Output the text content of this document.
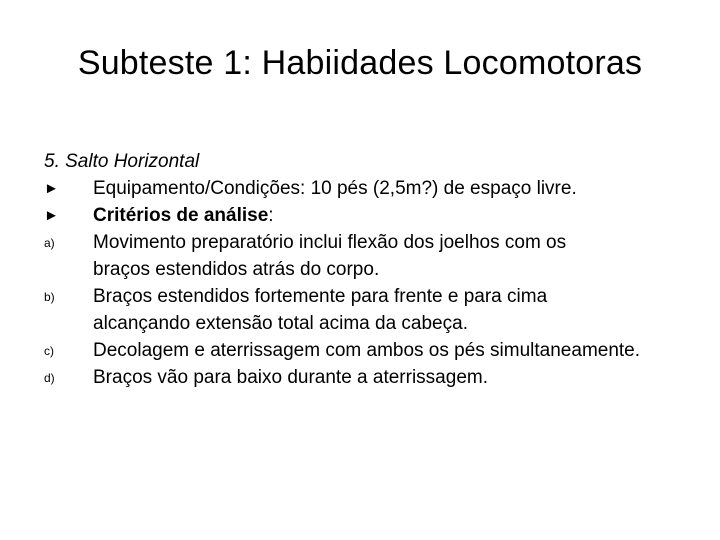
Subteste 1: Habiidades Locomotoras
5. Salto Horizontal
► Equipamento/Condições: 10 pés (2,5m?) de espaço livre.
► Critérios de análise:
a) Movimento preparatório inclui flexão dos joelhos com os
braços estendidos atrás do corpo.
b) Braços estendidos fortemente para frente e para cima
alcançando extensão total acima da cabeça.
c) Decolagem e aterrissagem com ambos os pés simultaneamente.
d) Braços vão para baixo durante a aterrissagem.
